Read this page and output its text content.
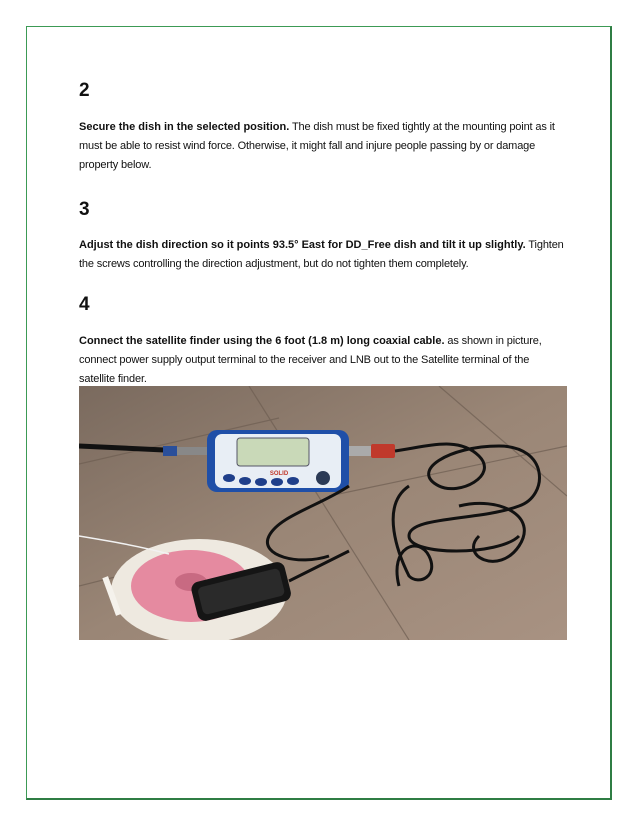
2

Secure the dish in the selected position. The dish must be fixed tightly at the mounting point as it must be able to resist wind force. Otherwise, it might fall and injure people passing by or damage property below.

3

Adjust the dish direction so it points 93.5° East for DD_Free dish and tilt it up slightly. Tighten the screws controlling the direction adjustment, but do not tighten them completely.

4

Connect the satellite finder using the 6 foot (1.8 m) long coaxial cable. as shown in picture, connect power supply output terminal to the receiver and LNB out to the Satellite terminal of the satellite finder.

SOLID
